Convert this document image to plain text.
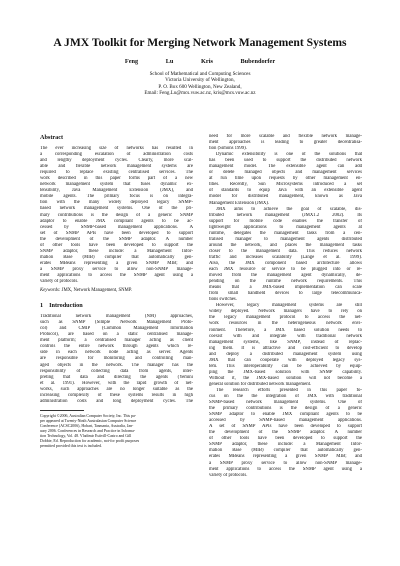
A JMX Toolkit for Merging Network Management Systems
Feng Lu	Kris Bubendorfer
School of Mathematical and Computing Sciences
Victoria University of Wellington,
P. O. Box 600 Wellington, New Zealand,
Email: Feng.Lu@mcs.vuw.ac.nz, kris@mcs.vuw.ac.nz
Abstract
The ever increasing size of networks has resulted in
a corresponding escalation of administration costs
and lengthy deployment cycles. Clearly, more scal-
able and flexible network management systems are
required to replace existing centralised services. The
work described in this paper forms part of a new
network management system that fuses dynamic ex-
tensibility, Java Management Extension (JMX), and
mobile agents. The primary focus is on integra-
tion with the many widely deployed legacy SNMP-
based network management systems. One of the pri-
mary contributions is the design of a generic SNMP
adaptor to enable JMX compliant agents to be ac-
cessed by SNMP-based management applications. A
set of SNMP APIs have been developed to support
the development of the SNMP adaptor. A number
of other tools have been developed to support the
SNMP adaptor, these include: a Management Infor-
mation Base (MIB) compiler that automatically gen-
erates MBeans representing a given SNMP MIB; and
a SNMP proxy service to allow non-SNMP manage-
ment applications to access the SNMP agent using a
variety of protocols.

Keywords: JMX, Network Management, SNMP.

1 Introduction
Traditional network management (NM) approaches,
such as SNMP (Simple Network Management Proto-
col) and CMIP (Common Management Information
Protocol), are based on a static centralised manage-
ment platform; a centralised manager acting as client
controls the entire network through agents which re-
side in each network node acting as server. Agents
are responsible for monitoring and controlling man-
aged objects in the network. The manager has the
responsibility of collecting data from agents, inter-
preting that data and directing the agents (Yemini
et al. 1991). However, with the rapid growth of net-
works, such approaches are no longer suitable as the
increasing complexity of these systems results in high
administration costs and long deployment cycles. The
Copyright ©2006, Australian Computer Society, Inc. This pa-
per appeared at Twenty-Ninth Australasian Computer Science
Conference (ACSC2006), Hobart, Tasmania, Australia, Jan-
uary 2006. Conferences in Research and Practice in Informa-
tion Technology, Vol. 48. Vladimir Estivill-Castro and Gill
Dobbie, Ed. Reproduction for academic, not-for profit purposes
permitted provided this text is included.
need for more scalable and flexible network manage-
ment approaches is leading to greater decentralisa-
tion (Simons 1999).
Dynamic extensibility is one of the solutions that
has been used to support the distributed network
management model. The extensible agent can add
or delete managed objects and management services
at run time upon requests by other management en-
tities. Recently, Sun Microsystems introduced a set
of standards to equip Java with an extensible agent
model for distributed management, known as Java
Management Extension (JMX).
JMX aims to achieve the goal of scalable, dis-
tributed network management (JMX1.2 2002). Its
support for mobile code enables the transfer of
lightweight applications to management agents at
runtime, delegates the management tasks from a cen-
tralised manager to management agents distributed
around the network, and places the management tasks
closer to the management data. This reduces network
traffic and increases scalability (Lange et al. 1999).
Also, the JMX component based architecture allows
each JMX resource or service to be plugged into or re-
moved from the management agent dynamically, de-
pending on the runtime network requirements. This
means that a JMX-based implementation can scale
from small handheld devices to large telecommunica-
tions switches.
However, legacy management systems are still
widely deployed. Network managers have to rely on
the legacy management protocol to access the net-
work resources in the heterogeneous network envi-
ronment. Therefore, a JMX based solution needs to
coexist with and integrate with traditional network
management systems, like SNMP, instead of replac-
ing them. It is attractive and cost-efficient to develop
and deploy a distributed management system using
JMX that can cooperate with deployed legacy sys-
tem. This interoperability can be achieved by equip-
ping the JMX-based solution with SNMP capability.
Without it, the JMX-based solution will not become a
general solution for distributed network management.
The research efforts presented in this paper fo-
cus on the the integration of JMX with traditional
SNMP-based network management systems. One of
the primary contributions is the design of a generic
SNMP adaptor to enable JMX compliant agents to be
accessed by SNMP-based management applications.
A set of SNMP APIs have been developed to support
the development of the SNMP adaptor. A number
of other tools have been developed to support the
SNMP adaptor, these include: a Management Infor-
mation Base (MIB) compiler that automatically gen-
erates MBeans representing a given SNMP MIB; and
a SNMP proxy service to allow non-SNMP manage-
ment applications to access the SNMP agent using a
variety of protocols.
